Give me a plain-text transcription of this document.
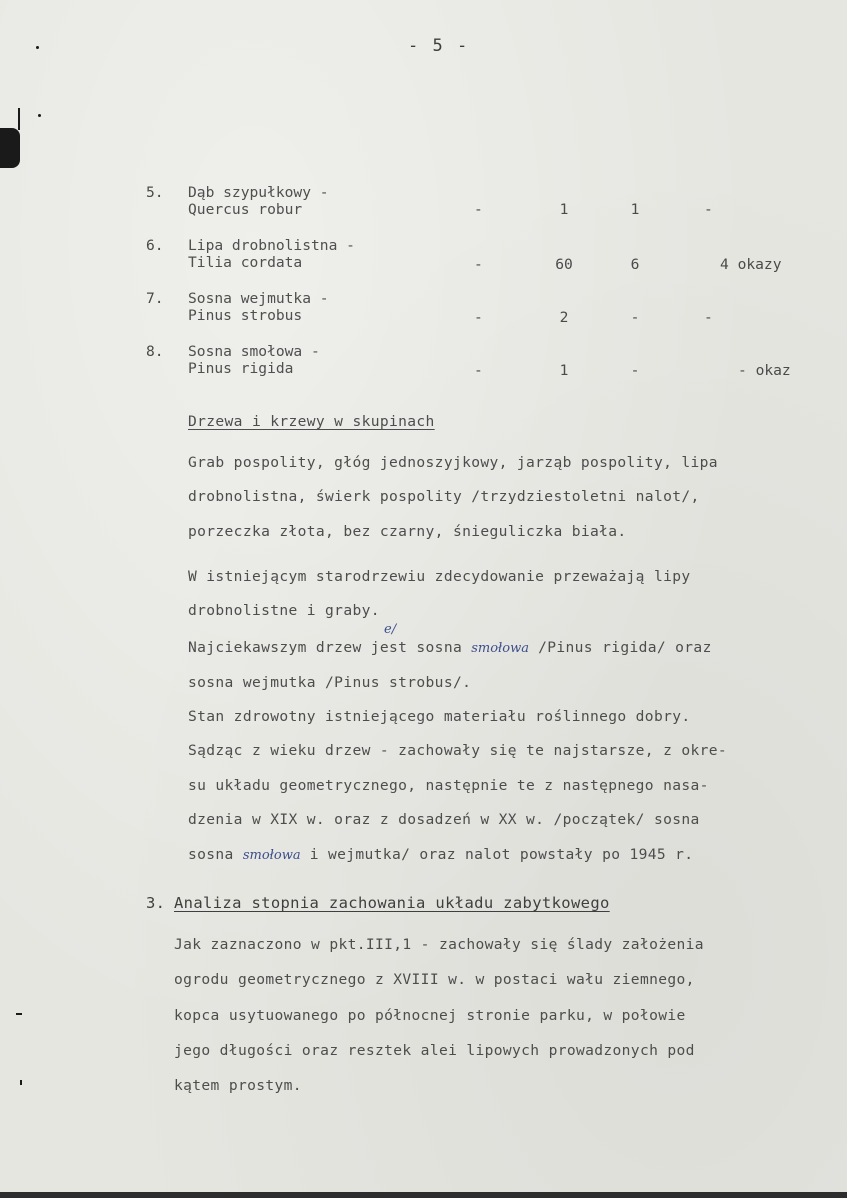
- 5 -
5. Dąb szypułkowy -
Quercus robur	-	1	1	-
6. Lipa drobnolistna -
Tilia cordata	-	60	6	4 okazy
7. Sosna wejmutka -
Pinus strobus	-	2	-	-
8. Sosna smołowa -
Pinus rigida	-	1	-	- okaz
Drzewa i krzewy w skupinach
Grab pospolity, głóg jednoszyjkowy, jarząb pospolity, lipa
drobnolistna, świerk pospolity /trzydziestoletni nalot/,
porzeczka złota, bez czarny, śnieguliczka biała.
W istniejącym starodrzewiu zdecydowanie przeważają lipy
drobnolistne i graby.
e/
Najciekawszym drzew jest sosna smołowa /Pinus rigida/ oraz
sosna wejmutka /Pinus strobus/.
Stan zdrowotny istniejącego materiału roślinnego dobry.
Sądząc z wieku drzew - zachowały się te najstarsze, z okre-
su układu geometrycznego, następnie te z następnego nasa-
dzenia w XIX w. oraz z dosadzeń w XX w. /początek/ sosna
sosna smołowa i wejmutka/ oraz nalot powstały po 1945 r.
3. Analiza stopnia zachowania układu zabytkowego
Jak zaznaczono w pkt.III,1 - zachowały się ślady założenia
ogrodu geometrycznego z XVIII w. w postaci wału ziemnego,
kopca usytuowanego po północnej stronie parku, w połowie
jego długości oraz resztek alei lipowych prowadzonych pod
kątem prostym.
